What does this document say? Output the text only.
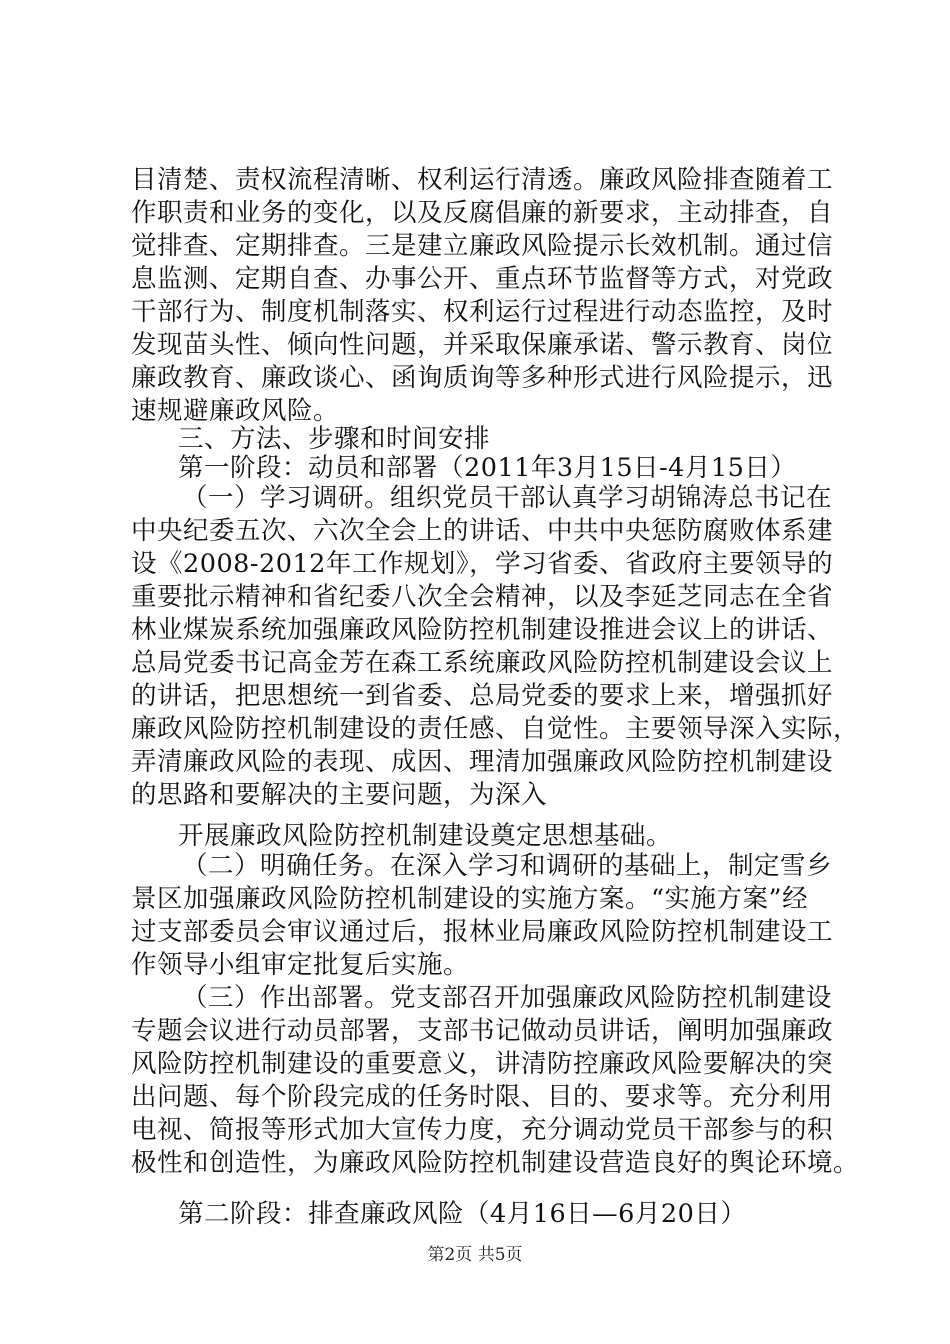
目清楚、责权流程清晰、权利运行清透。廉政风险排查随着工
作职责和业务的变化，以及反腐倡廉的新要求，主动排查，自
觉排查、定期排查。三是建立廉政风险提示长效机制。通过信
息监测、定期自查、办事公开、重点环节监督等方式，对党政
干部行为、制度机制落实、权利运行过程进行动态监控，及时
发现苗头性、倾向性问题，并采取保廉承诺、警示教育、岗位
廉政教育、廉政谈心、函询质询等多种形式进行风险提示，迅
速规避廉政风险。
三、方法、步骤和时间安排
第一阶段：动员和部署（2011年3月15日-4月15日）
（一）学习调研。组织党员干部认真学习胡锦涛总书记在
中央纪委五次、六次全会上的讲话、中共中央惩防腐败体系建
设《2008-2012年工作规划》，学习省委、省政府主要领导的
重要批示精神和省纪委八次全会精神，以及李延芝同志在全省
林业煤炭系统加强廉政风险防控机制建设推进会议上的讲话、
总局党委书记高金芳在森工系统廉政风险防控机制建设会议上
的讲话，把思想统一到省委、总局党委的要求上来，增强抓好
廉政风险防控机制建设的责任感、自觉性。主要领导深入实际，
弄清廉政风险的表现、成因、理清加强廉政风险防控机制建设
的思路和要解决的主要问题，为深入
开展廉政风险防控机制建设奠定思想基础。
（二）明确任务。在深入学习和调研的基础上，制定雪乡
景区加强廉政风险防控机制建设的实施方案。“实施方案”经
过支部委员会审议通过后，报林业局廉政风险防控机制建设工
作领导小组审定批复后实施。
（三）作出部署。党支部召开加强廉政风险防控机制建设
专题会议进行动员部署，支部书记做动员讲话，阐明加强廉政
风险防控机制建设的重要意义，讲清防控廉政风险要解决的突
出问题、每个阶段完成的任务时限、目的、要求等。充分利用
电视、简报等形式加大宣传力度，充分调动党员干部参与的积
极性和创造性，为廉政风险防控机制建设营造良好的舆论环境。
第二阶段：排查廉政风险（4月16日—6月20日）
第2页 共5页
